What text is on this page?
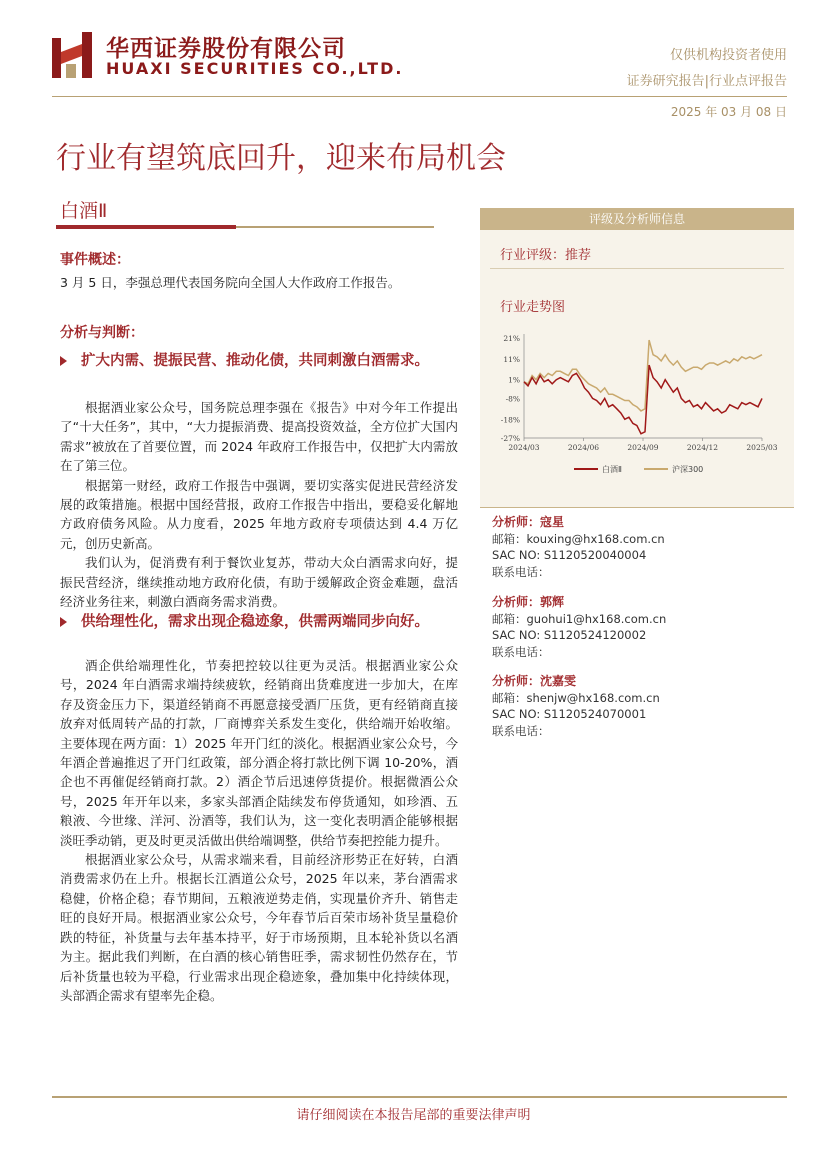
华西证券股份有限公司
HUAXI SECURITIES CO.,LTD.
仅供机构投资者使用
证券研究报告|行业点评报告
2025 年 03 月 08 日
行业有望筑底回升，迎来布局机会
白酒Ⅱ
事件概述：

3 月 5 日，李强总理代表国务院向全国人大作政府工作报告。

分析与判断：
扩大内需、提振民营、推动化债，共同刺激白酒需求。

根据酒业家公众号，国务院总理李强在《报告》中对今年工作提出了“十大任务”，其中，“大力提振消费、提高投资效益，全方位扩大国内需求”被放在了首要位置，而 2024 年政府工作报告中，仅把扩大内需放在了第三位。

根据第一财经，政府工作报告中强调，要切实落实促进民营经济发展的政策措施。根据中国经营报，政府工作报告中指出，要稳妥化解地方政府债务风险。从力度看，2025 年地方政府专项债达到 4.4 万亿元，创历史新高。

我们认为，促消费有利于餐饮业复苏，带动大众白酒需求向好，提振民营经济，继续推动地方政府化债，有助于缓解政企资金难题，盘活经济业务往来，刺激白酒商务需求消费。

供给理性化，需求出现企稳迹象，供需两端同步向好。

酒企供给端理性化，节奏把控较以往更为灵活。根据酒业家公众号，2024 年白酒需求端持续疲软，经销商出货难度进一步加大，在库存及资金压力下，渠道经销商不再愿意接受酒厂压货，更有经销商直接放弃对低周转产品的打款，厂商博弈关系发生变化，供给端开始收缩。主要体现在两方面：1）2025 年开门红的淡化。根据酒业家公众号，今年酒企普遍推迟了开门红政策，部分酒企将打款比例下调 10-20%，酒企也不再催促经销商打款。2）酒企节后迅速停货提价。根据微酒公众号，2025 年开年以来，多家头部酒企陆续发布停货通知，如珍酒、五粮液、今世缘、洋河、汾酒等，我们认为，这一变化表明酒企能够根据淡旺季动销，更及时更灵活做出供给端调整，供给节奏把控能力提升。

根据酒业家公众号，从需求端来看，目前经济形势正在好转，白酒消费需求仍在上升。根据长江酒道公众号，2025 年以来，茅台酒需求稳健，价格企稳；春节期间，五粮液逆势走俏，实现量价齐升、销售走旺的良好开局。根据酒业家公众号，今年春节后百荣市场补货呈量稳价跌的特征，补货量与去年基本持平，好于市场预期，且本轮补货以名酒为主。据此我们判断，在白酒的核心销售旺季，需求韧性仍然存在，节后补货量也较为平稳，行业需求出现企稳迹象，叠加集中化持续体现，头部酒企需求有望率先企稳。

评级及分析师信息
行业评级：推荐
行业走势图
21%
11%
1%
-8%
-18%
-27%
2024/03	2024/06	2024/09	2024/12	2025/03
白酒Ⅱ	沪深300
分析师：寇星
邮箱：kouxing@hx168.com.cn
SAC NO: S1120520040004
联系电话：
分析师：郭辉
邮箱：guohui1@hx168.com.cn
SAC NO: S1120524120002
联系电话：
分析师：沈嘉雯
邮箱：shenjw@hx168.com.cn
SAC NO: S1120524070001
联系电话：
请仔细阅读在本报告尾部的重要法律声明
